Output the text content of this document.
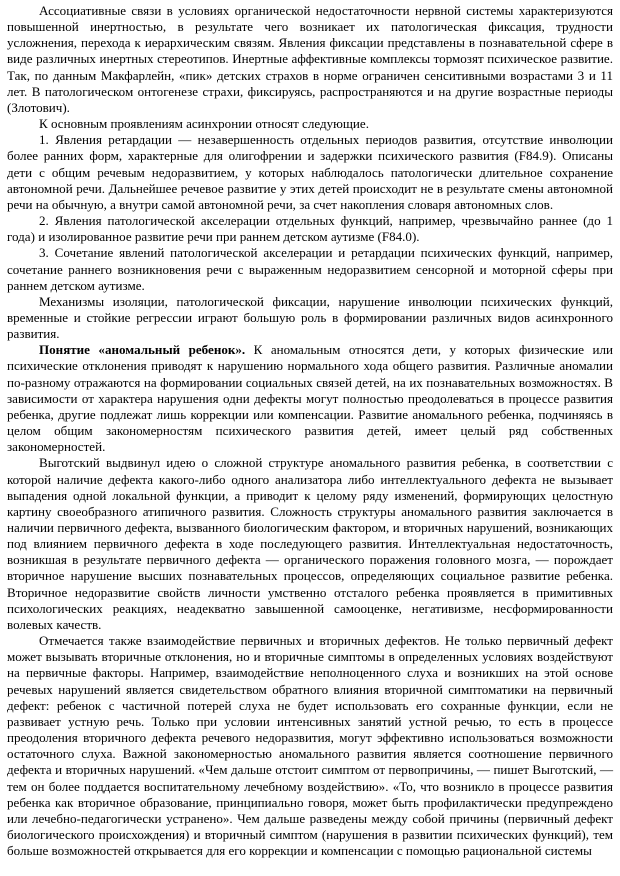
Ассоциативные связи в условиях органической недостаточности нервной системы характеризуются повышенной инертностью, в результате чего возникает их патологическая фиксация, трудности усложнения, перехода к иерархическим связям. Явления фиксации представлены в познавательной сфере в виде различных инертных стереотипов. Инертные аффективные комплексы тормозят психическое развитие. Так, по данным Макфарлейн, «пик» детских страхов в норме ограничен сенситивными возрастами 3 и 11 лет. В патологическом онтогенезе страхи, фиксируясь, распространяются и на другие возрастные периоды (Злотович).

К основным проявлениям асинхронии относят следующие.

1. Явления ретардации — незавершенность отдельных периодов развития, отсутствие инволюции более ранних форм, характерные для олигофрении и задержки психического развития (F84.9). Описаны дети с общим речевым недоразвитием, у которых наблюдалось патологически длительное сохранение автономной речи. Дальнейшее речевое развитие у этих детей происходит не в результате смены автономной речи на обычную, а внутри самой автономной речи, за счет накопления словаря автономных слов.

2. Явления патологической акселерации отдельных функций, например, чрезвычайно раннее (до 1 года) и изолированное развитие речи при раннем детском аутизме (F84.0).

3. Сочетание явлений патологической акселерации и ретардации психических функций, например, сочетание раннего возникновения речи с выраженным недоразвитием сенсорной и моторной сферы при раннем детском аутизме.

Механизмы изоляции, патологической фиксации, нарушение инволюции психических функций, временные и стойкие регрессии играют большую роль в формировании различных видов асинхронного развития.

Понятие «аномальный ребенок». К аномальным относятся дети, у которых физические или психические отклонения приводят к нарушению нормального хода общего развития. Различные аномалии по-разному отражаются на формировании социальных связей детей, на их познавательных возможностях. В зависимости от характера нарушения одни дефекты могут полностью преодолеваться в процессе развития ребенка, другие подлежат лишь коррекции или компенсации. Развитие аномального ребенка, подчиняясь в целом общим закономерностям психического развития детей, имеет целый ряд собственных закономерностей.

Выготский выдвинул идею о сложной структуре аномального развития ребенка, в соответствии с которой наличие дефекта какого-либо одного анализатора либо интеллектуального дефекта не вызывает выпадения одной локальной функции, а приводит к целому ряду изменений, формирующих целостную картину своеобразного атипичного развития. Сложность структуры аномального развития заключается в наличии первичного дефекта, вызванного биологическим фактором, и вторичных нарушений, возникающих под влиянием первичного дефекта в ходе последующего развития. Интеллектуальная недостаточность, возникшая в результате первичного дефекта — органического поражения головного мозга, — порождает вторичное нарушение высших познавательных процессов, определяющих социальное развитие ребенка. Вторичное недоразвитие свойств личности умственно отсталого ребенка проявляется в примитивных психологических реакциях, неадекватно завышенной самооценке, негативизме, несформированности волевых качеств.

Отмечается также взаимодействие первичных и вторичных дефектов. Не только первичный дефект может вызывать вторичные отклонения, но и вторичные симптомы в определенных условиях воздействуют на первичные факторы. Например, взаимодействие неполноценного слуха и возникших на этой основе речевых нарушений является свидетельством обратного влияния вторичной симптоматики на первичный дефект: ребенок с частичной потерей слуха не будет использовать его сохранные функции, если не развивает устную речь. Только при условии интенсивных занятий устной речью, то есть в процессе преодоления вторичного дефекта речевого недоразвития, могут эффективно использоваться возможности остаточного слуха. Важной закономерностью аномального развития является соотношение первичного дефекта и вторичных нарушений. «Чем дальше отстоит симптом от первопричины, — пишет Выготский, — тем он более поддается воспитательному лечебному воздействию». «То, что возникло в процессе развития ребенка как вторичное образование, принципиально говоря, может быть профилактически предупреждено или лечебно-педагогически устранено». Чем дальше разведены между собой причины (первичный дефект биологического происхождения) и вторичный симптом (нарушения в развитии психических функций), тем больше возможностей открывается для его коррекции и компенсации с помощью рациональной системы
